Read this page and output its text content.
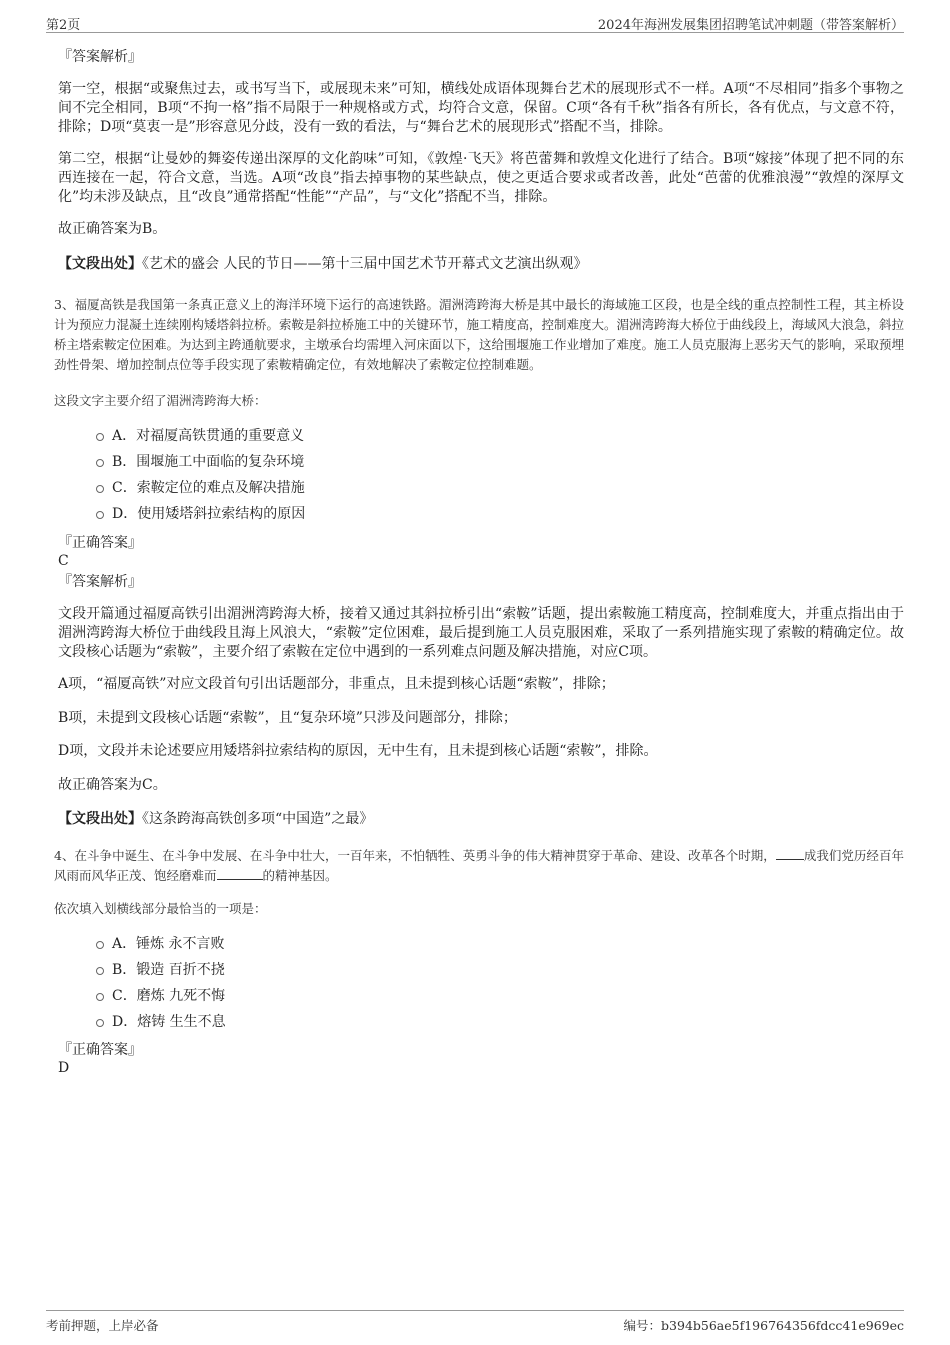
第2页	2024年海洲发展集团招聘笔试冲刺题（带答案解析）
『答案解析』
第一空，根据“或聚焦过去，或书写当下，或展现未来”可知，横线处成语体现舞台艺术的展现形式不一样。A项“不尽相同”指多个事物之间不完全相同，B项“不拘一格”指不局限于一种规格或方式，均符合文意，保留。C项“各有千秋”指各有所长，各有优点，与文意不符，排除；D项“莫衷一是”形容意见分歧，没有一致的看法，与“舞台艺术的展现形式”搭配不当，排除。
第二空，根据“让曼妙的舞姿传递出深厚的文化韵味”可知，《敦煌·飞天》将芭蕾舞和敦煌文化进行了结合。B项“嫁接”体现了把不同的东西连接在一起，符合文意，当选。A项“改良”指去掉事物的某些缺点，使之更适合要求或者改善，此处“芭蕾的优雅浪漫”“敦煌的深厚文化”均未涉及缺点，且“改良”通常搭配“性能”“产品”，与“文化”搭配不当，排除。
故正确答案为B。
【文段出处】《艺术的盛会 人民的节日——第十三届中国艺术节开幕式文艺演出纵观》
3、福厦高铁是我国第一条真正意义上的海洋环境下运行的高速铁路。湄洲湾跨海大桥是其中最长的海域施工区段，也是全线的重点控制性工程，其主桥设计为预应力混凝土连续刚构矮塔斜拉桥。索鞍是斜拉桥施工中的关键环节，施工精度高，控制难度大。湄洲湾跨海大桥位于曲线段上，海域风大浪急，斜拉桥主塔索鞍定位困难。为达到主跨通航要求，主墩承台均需埋入河床面以下，这给围堰施工作业增加了难度。施工人员克服海上恶劣天气的影响，采取预埋劲性骨架、增加控制点位等手段实现了索鞍精确定位，有效地解决了索鞍定位控制难题。
这段文字主要介绍了湄洲湾跨海大桥：
A．对福厦高铁贯通的重要意义
B．围堰施工中面临的复杂环境
C．索鞍定位的难点及解决措施
D．使用矮塔斜拉索结构的原因
『正确答案』
C
『答案解析』
文段开篇通过福厦高铁引出湄洲湾跨海大桥，接着又通过其斜拉桥引出“索鞍”话题，提出索鞍施工精度高，控制难度大，并重点指出由于湄洲湾跨海大桥位于曲线段且海上风浪大，“索鞍”定位困难，最后提到施工人员克服困难，采取了一系列措施实现了索鞍的精确定位。故文段核心话题为“索鞍”，主要介绍了索鞍在定位中遇到的一系列难点问题及解决措施，对应C项。
A项，“福厦高铁”对应文段首句引出话题部分，非重点，且未提到核心话题“索鞍”，排除；
B项，未提到文段核心话题“索鞍”，且“复杂环境”只涉及问题部分，排除；
D项，文段并未论述要应用矮塔斜拉索结构的原因，无中生有，且未提到核心话题“索鞍”，排除。
故正确答案为C。
【文段出处】《这条跨海高铁创多项“中国造”之最》
4、在斗争中诞生、在斗争中发展、在斗争中壮大，一百年来，不怕牺牲、英勇斗争的伟大精神贯穿于革命、建设、改革各个时期， 成我们党历经百年风雨而风华正茂、饱经磨难而	的精神基因。
依次填入划横线部分最恰当的一项是：
A．锤炼 永不言败
B．锻造 百折不挠
C．磨炼 九死不悔
D．熔铸 生生不息
『正确答案』
D
考前押题，上岸必备	编号：b394b56ae5f196764356fdcc41e969ec
